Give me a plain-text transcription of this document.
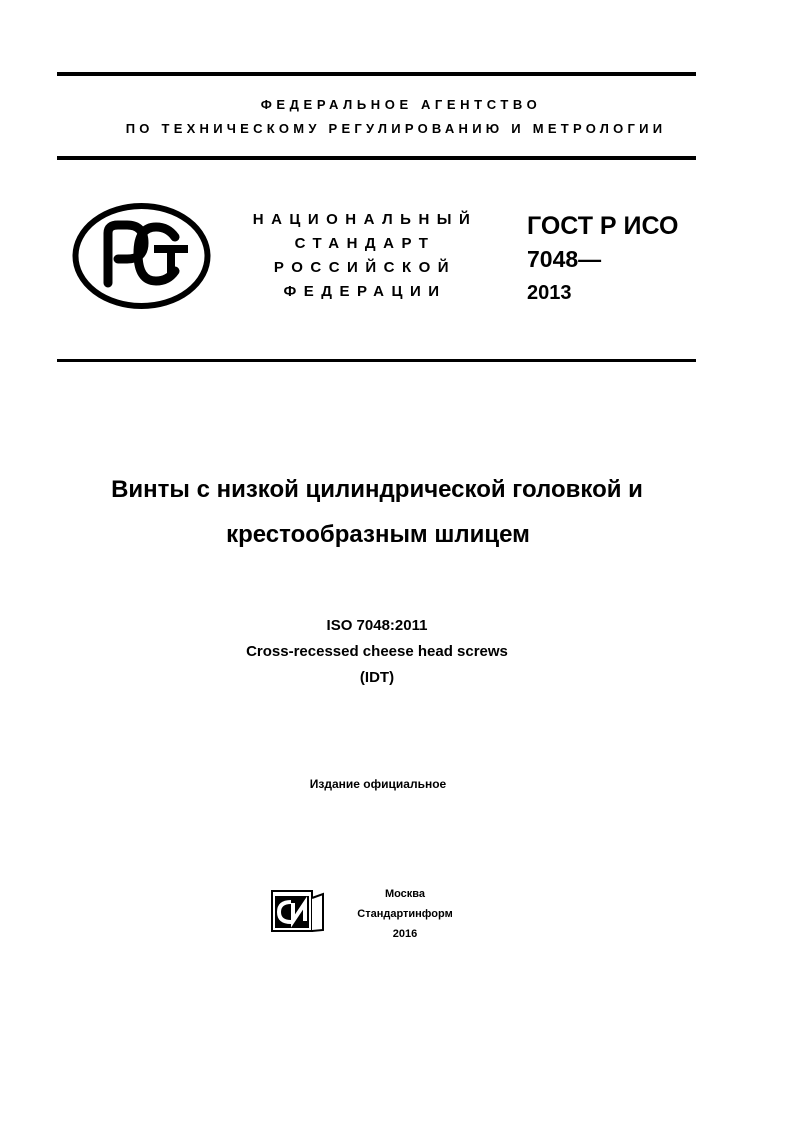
ФЕДЕРАЛЬНОЕ АГЕНТСТВО
ПО ТЕХНИЧЕСКОМУ РЕГУЛИРОВАНИЮ И МЕТРОЛОГИИ
НАЦИОНАЛЬНЫЙ
СТАНДАРТ
РОССИЙСКОЙ
ФЕДЕРАЦИИ
ГОСТ Р ИСО
7048—
2013
Винты с низкой цилиндрической головкой и
крестообразным шлицем
ISO 7048:2011
Cross-recessed cheese head screws
(IDT)
Издание официальное
Москва
Стандартинформ
2016
